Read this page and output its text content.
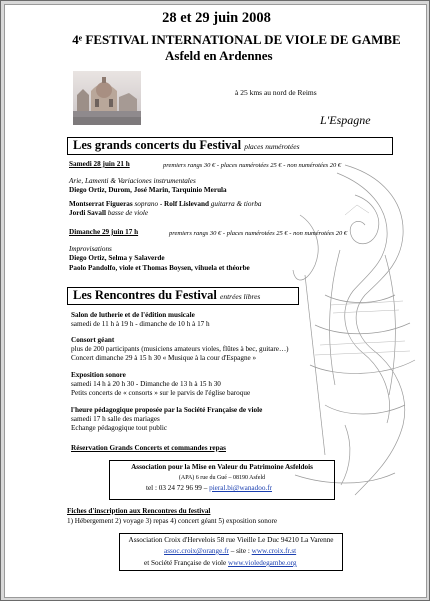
28 et 29 juin 2008
4ᵉ FESTIVAL INTERNATIONAL DE VIOLE DE GAMBE
Asfeld en Ardennes
à 25 kms au nord de Reims
L'Espagne
Les grands concerts du Festival places numérotées
Samedi 28 juin 21 h	premiers rangs 30 € - places numérotées 25 € - non numérotées 20 €
Arie, Lamenti & Variaciones instrumentales
Diego Ortiz, Durom, José Marin, Tarquinio Merula
Montserrat Figueras soprano - Rolf Lislevand guitarra & tiorba
Jordi Savall basse de viole
Dimanche 29 juin 17 h	premiers rangs 30 € - places numérotées 25 € - non numérotées 20 €
Improvisations
Diego Ortiz, Selma y Salaverde
Paolo Pandolfo, viole et Thomas Boysen, vihuela et théorbe
Les Rencontres du Festival entrées libres
Salon de lutherie et de l'édition musicale
samedi de 11 h à 19 h - dimanche de 10 h à 17 h
Consort géant
plus de 200 participants (musiciens amateurs violes, flûtes à bec, guitare…)
Concert dimanche 29 à 15 h 30 « Musique à la cour d'Espagne »
Exposition sonore
samedi 14 h à 20 h 30 - Dimanche de 13 h à 15 h 30
Petits concerts de « consorts » sur le parvis de l'église baroque
l'heure pédagogique proposée par la Société Française de viole
samedi 17 h salle des mariages
Echange pédagogique tout public
Réservation Grands Concerts et commandes repas
Association pour la Mise en Valeur du Patrimoine Asfeldois
(APA) 6 rue du Gué – 08190 Asfeld
tel : 03 24 72 96 99 – pieral.bi@wanadoo.fr
Fiches d'inscription aux Rencontres du festival
1) Hébergement 2) voyage 3) repas 4) concert géant 5) exposition sonore
Association Croix d'Hervelois 58 rue Vieille Le Duc 94210 La Varenne
assoc.croix@orange.fr – site : www.croix.fr.st
et Société Française de viole www.violedegambe.org
